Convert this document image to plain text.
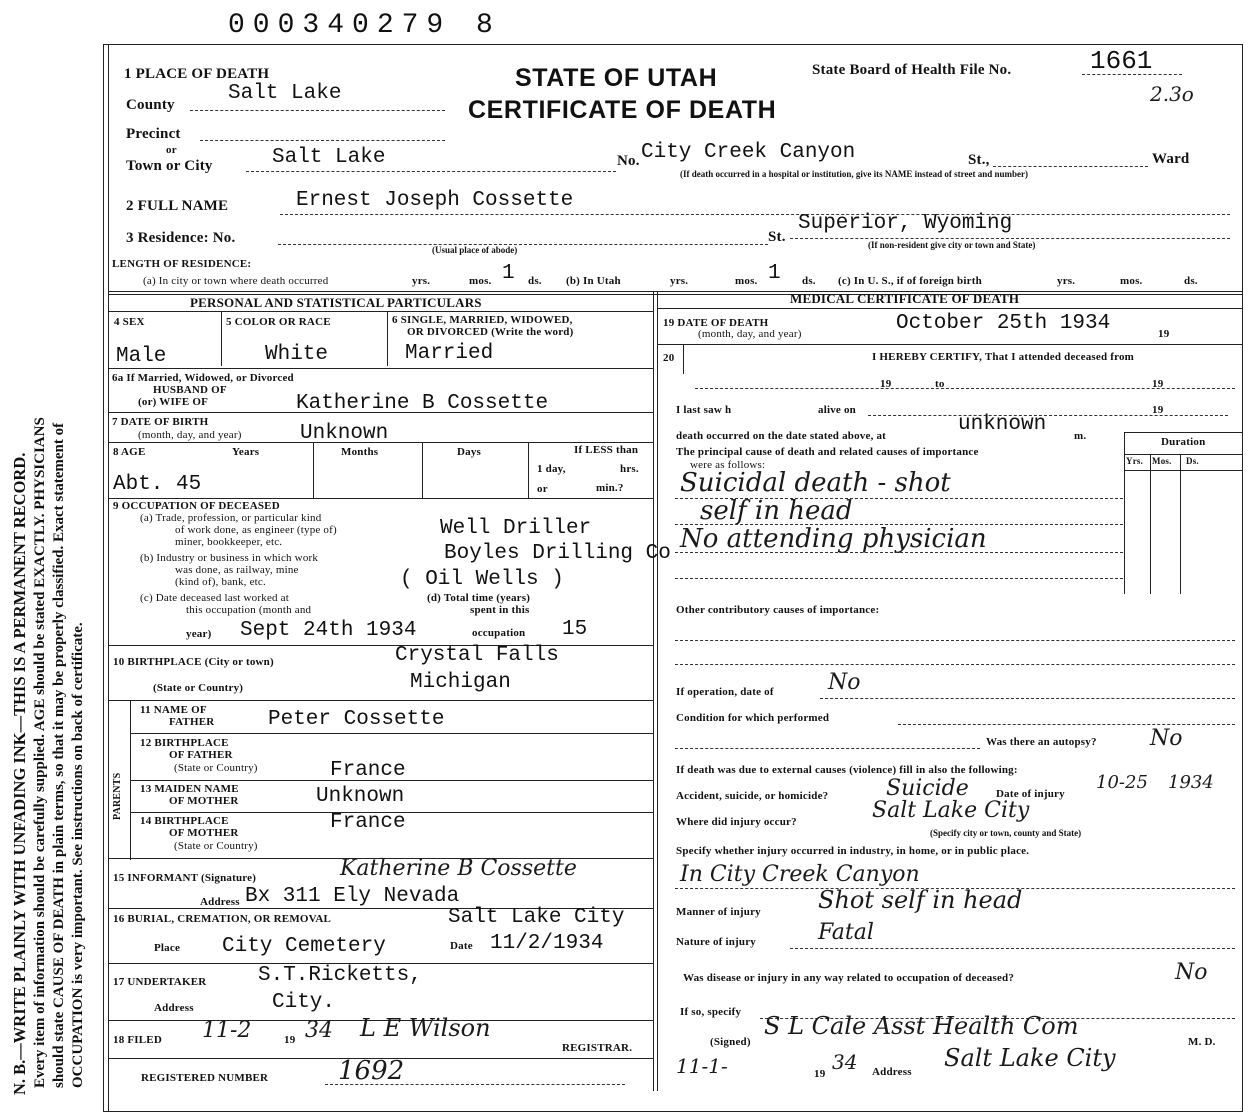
000340279 8
N. B.—WRITE PLAINLY WITH UNFADING INK—THIS IS A PERMANENT RECORD. Every item of information should be carefully supplied. AGE should be stated EXACTLY. PHYSICIANS should state CAUSE OF DEATH in plain terms, so that it may be properly classified. Exact statement of OCCUPATION is very important. See instructions on back of certificate.
1 PLACE OF DEATH	STATE OF UTAH
CERTIFICATE OF DEATH
State Board of Health File No.	1661
2.3o
County	Salt Lake
Precinct
or
Town or City	Salt Lake	No. City Creek Canyon	St.,	Ward
(If death occurred in a hospital or institution, give its NAME instead of street and number)
2 FULL NAME	Ernest Joseph Cossette
3 Residence: No.
(Usual place of abode)
St.
Superior, Wyoming
(If non-resident give city or town and State)
LENGTH OF RESIDENCE:
(a) In city or town where death occurred	yrs.	mos. 1 ds. (b) In Utah	yrs.	mos. 1 ds. (c) In U. S., if of foreign birth	yrs.	mos.	ds.
PERSONAL AND STATISTICAL PARTICULARS	MEDICAL CERTIFICATE OF DEATH
4 SEX
Male
5 COLOR OR RACE
White
6 SINGLE, MARRIED, WIDOWED,
OR DIVORCED (Write the word)
Married
6a If Married, Widowed, or Divorced
HUSBAND OF
(or) WIFE OF	Katherine B Cossette
7 DATE OF BIRTH
(month, day, and year)	Unknown
8 AGE	Years	Months	Days	If LESS than
1 day,	hrs.
or	min.?
Abt. 45
9 OCCUPATION OF DECEASED
(a) Trade, profession, or particular kind
of work done, as engineer (type of)
miner, bookkeeper, etc.
Well Driller
(b) Industry or business in which work
was done, as railway, mine
(kind of), bank, etc.
Boyles Drilling Co
( Oil Wells )
(c) Date deceased last worked at
this occupation (month and
year) Sept 24th 1934
(d) Total time (years)
spent in this
occupation 15
10 BIRTHPLACE (City or town)	Crystal Falls
(State or Country)	Michigan
PARENTS
11 NAME OF
FATHER	Peter Cossette
12 BIRTHPLACE
OF FATHER
(State or Country)	France
13 MAIDEN NAME
OF MOTHER	Unknown
14 BIRTHPLACE
OF MOTHER
(State or Country)
France
15 INFORMANT (Signature)	Katherine B Cossette
Address Bx 311 Ely Nevada
16 BURIAL, CREMATION, OR REMOVAL	Salt Lake City
Place City Cemetery	Date 11/2/1934
17 UNDERTAKER S.T.Ricketts,
Address	City.
18 FILED 11-2	19 34 L E Wilson
REGISTRAR.
REGISTERED NUMBER	1692
19 DATE OF DEATH
(month, day, and year)	October 25th 1934	19
20	I HEREBY CERTIFY, That I attended deceased from
19	to	19
I last saw h	alive on	19
death occurred on the date stated above, at	unknown	m.
The principal cause of death and related causes of importance
were as follows:
Duration
Yrs. Mos. Ds.
Suicidal death - shot
self in head
No attending physician
Other contributory causes of importance:
If operation, date of No
Condition for which performed
Was there an autopsy? No
If death was due to external causes (violence) fill in also the following:
Accident, suicide, or homicide?	Suicide Date of injury
10-25 1934
Where did injury occur?	Salt Lake City
(Specify city or town, county and State)
Specify whether injury occurred in industry, in home, or in public place.
In City Creek Canyon
Manner of injury Shot self in head
Nature of injury	Fatal
Was disease or injury in any way related to occupation of deceased?	No
If so, specify
(Signed)
S L Cale Asst Health Com
M. D.
11-1-	19 34 Address Salt Lake City
